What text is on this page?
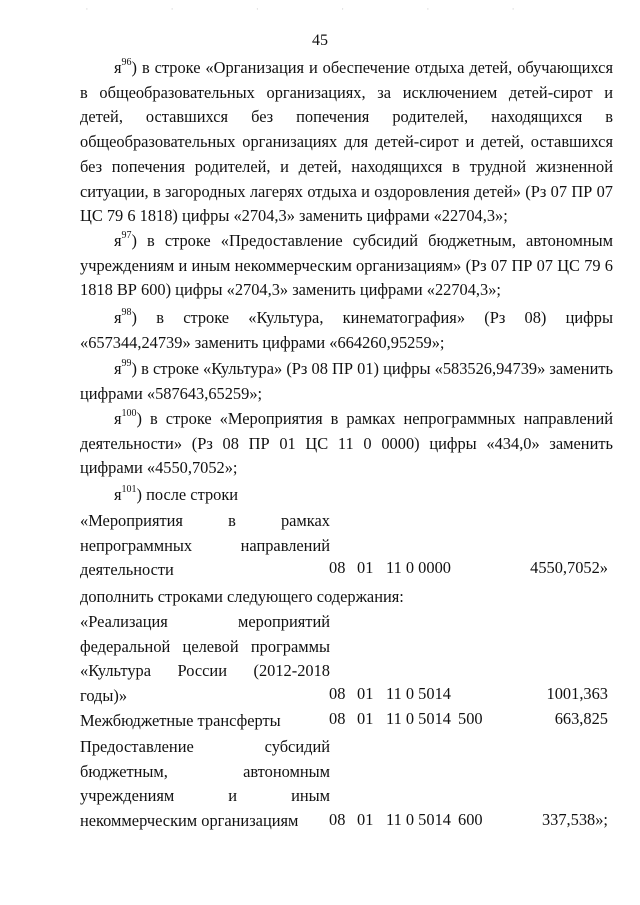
· · · · · ·
45

$я^{96}$) в строке «Организация и обеспечение отдыха детей, обучающихся в общеобразовательных организациях, за исключением детей-сирот и детей, оставшихся без попечения родителей, находящихся в общеобразовательных организациях для детей-сирот и детей, оставшихся без попечения родителей, и детей, находящихся в трудной жизненной ситуации, в загородных лагерях отдыха и оздоровления детей» (Рз 07 ПР 07 ЦС 79 6 1818) цифры «2704,3» заменить цифрами «22704,3»;

$я^{97}$) в строке «Предоставление субсидий бюджетным, автономным учреждениям и иным некоммерческим организациям» (Рз 07 ПР 07 ЦС 79 6 1818 ВР 600) цифры «2704,3» заменить цифрами «22704,3»;

$я^{98}$) в строке «Культура, кинематография» (Рз 08) цифры «657344,24739» заменить цифрами «664260,95259»;

$я^{99}$) в строке «Культура» (Рз 08 ПР 01) цифры «583526,94739» заменить цифрами «587643,65259»;

$я^{100}$) в строке «Мероприятия в рамках непрограммных направлений деятельности» (Рз 08 ПР 01 ЦС 11 0 0000) цифры «434,0» заменить цифрами «4550,7052»;

$я^{101}$) после строки
«Мероприятия в рамках непрограммных направлений деятельности	08 01 11 0 0000	4550,7052»
дополнить строками следующего содержания:
«Реализация мероприятий федеральной целевой программы «Культура России (2012-2018 годы)»	08 01 11 0 5014	1001,363
Межбюджетные трансферты	08 01 11 0 5014 500	663,825
Предоставление субсидий бюджетным, автономным учреждениям и иным некоммерческим организациям	08 01 11 0 5014 600	337,538»;
